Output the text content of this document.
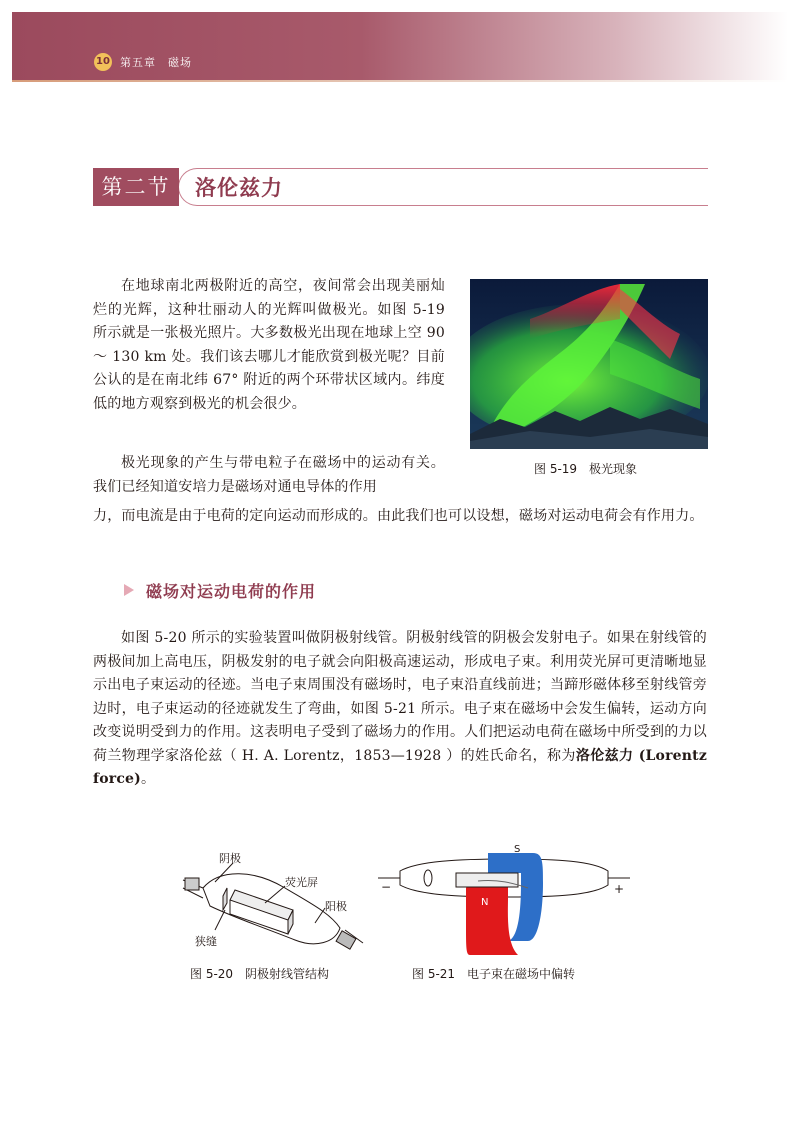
10 第五章　磁场
第二节	洛伦兹力

在地球南北两极附近的高空，夜间常会出现美丽灿烂的光辉，这种壮丽动人的光辉叫做极光。如图 5-19 所示就是一张极光照片。大多数极光出现在地球上空 90 ～ 130 km 处。我们该去哪儿才能欣赏到极光呢？目前公认的是在南北纬 67° 附近的两个环带状区域内。纬度低的地方观察到极光的机会很少。

极光现象的产生与带电粒子在磁场中的运动有关。我们已经知道安培力是磁场对通电导体的作用

力，而电流是由于电荷的定向运动而形成的。由此我们也可以设想，磁场对运动电荷会有作用力。

图 5-19　极光现象
磁场对运动电荷的作用

如图 5-20 所示的实验装置叫做阴极射线管。阴极射线管的阴极会发射电子。如果在射线管的两极间加上高电压，阴极发射的电子就会向阳极高速运动，形成电子束。利用荧光屏可更清晰地显示出电子束运动的径迹。当电子束周围没有磁场时，电子束沿直线前进；当蹄形磁体移至射线管旁边时，电子束运动的径迹就发生了弯曲，如图 5-21 所示。电子束在磁场中会发生偏转，运动方向改变说明受到力的作用。这表明电子受到了磁场力的作用。人们把运动电荷在磁场中所受到的力以荷兰物理学家洛伦兹（ H. A. Lorentz，1853—1928 ）的姓氏命名，称为洛伦兹力 (Lorentz force)。

阴极
荧光屏
阳极
狭缝
图 5-20　阴极射线管结构
S
N
−	+
图 5-21　电子束在磁场中偏转
